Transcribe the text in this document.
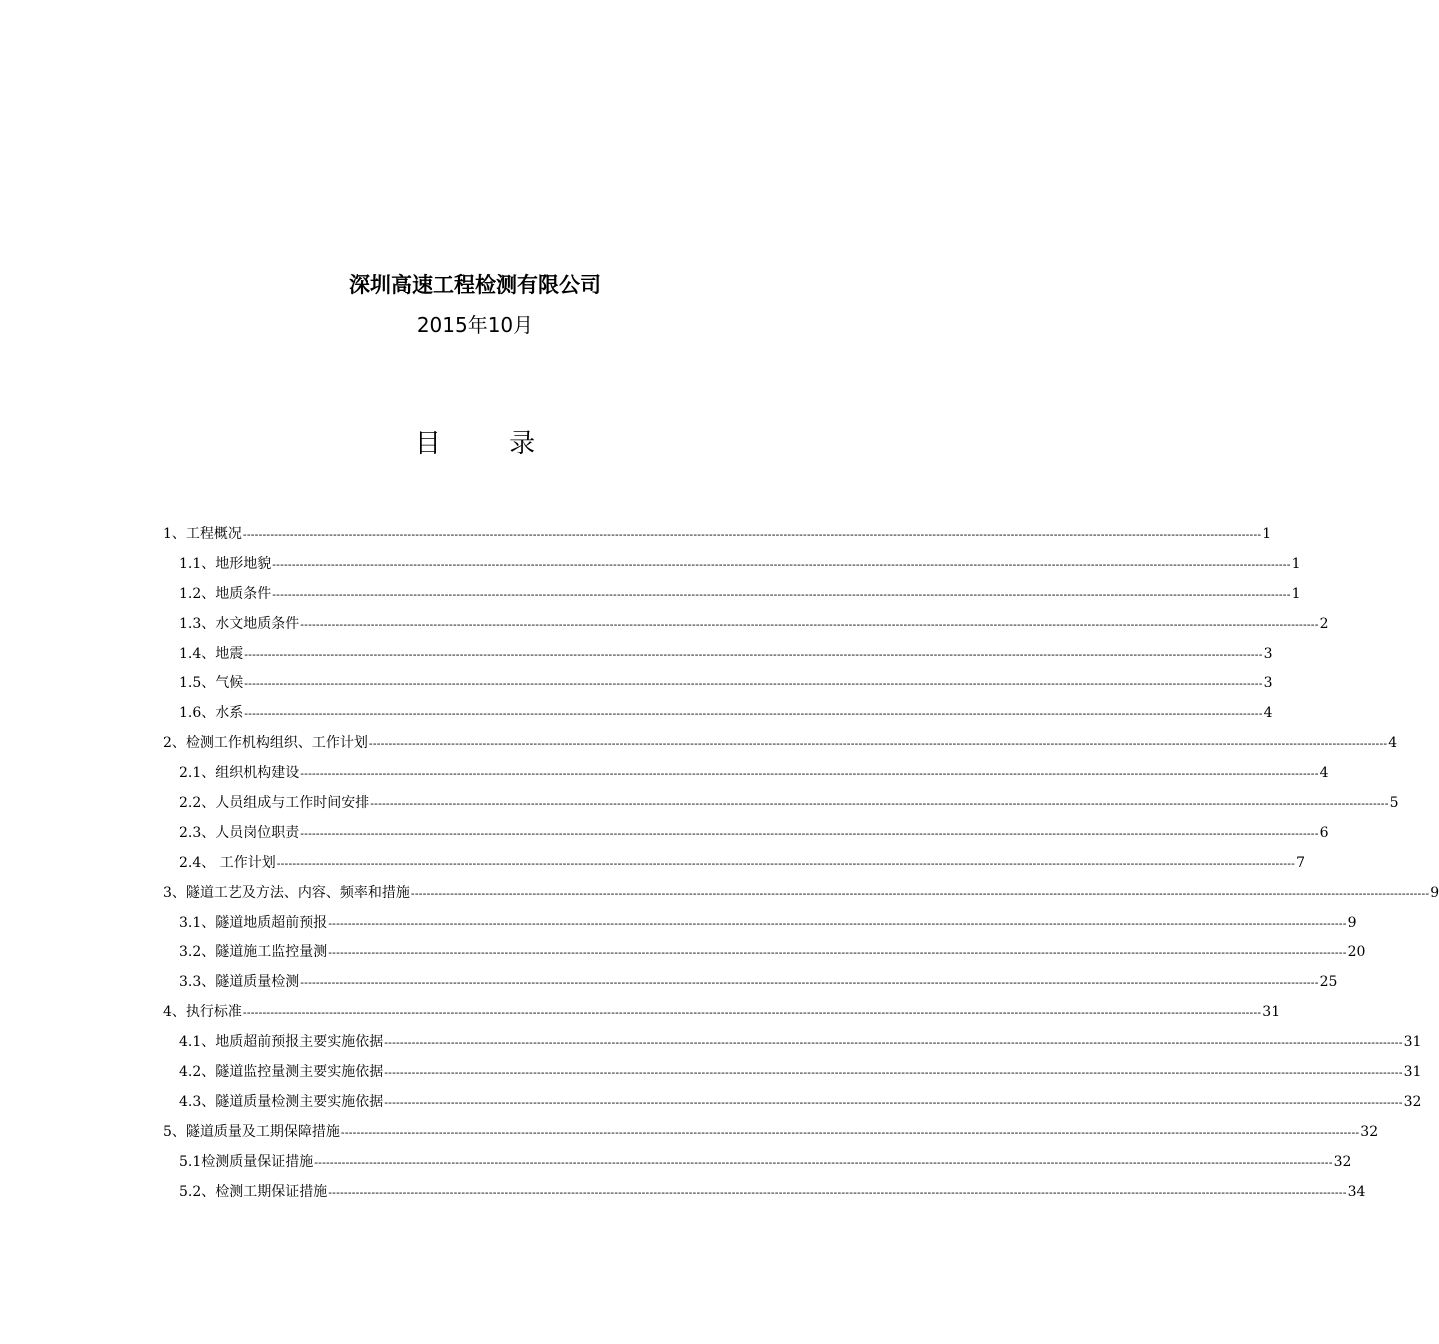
深圳高速工程检测有限公司
2015年10月
目 录
1、工程概况 -------------------------------------------------------------------------------------------------------------------------------------------------------------------------------------------------------------------------------------------------------------------- 1
1.1、地形地貌 -------------------------------------------------------------------------------------------------------------------------------------------------------------------------------------------------------------------------------------------------------------------- 1
1.2、地质条件 -------------------------------------------------------------------------------------------------------------------------------------------------------------------------------------------------------------------------------------------------------------------- 1
1.3、水文地质条件 -------------------------------------------------------------------------------------------------------------------------------------------------------------------------------------------------------------------------------------------------------------------- 2
1.4、地震 -------------------------------------------------------------------------------------------------------------------------------------------------------------------------------------------------------------------------------------------------------------------- 3
1.5、气候 -------------------------------------------------------------------------------------------------------------------------------------------------------------------------------------------------------------------------------------------------------------------- 3
1.6、水系 -------------------------------------------------------------------------------------------------------------------------------------------------------------------------------------------------------------------------------------------------------------------- 4
2、检测工作机构组织、工作计划 -------------------------------------------------------------------------------------------------------------------------------------------------------------------------------------------------------------------------------------------------------------------- 4
2.1、组织机构建设 -------------------------------------------------------------------------------------------------------------------------------------------------------------------------------------------------------------------------------------------------------------------- 4
2.2、人员组成与工作时间安排 -------------------------------------------------------------------------------------------------------------------------------------------------------------------------------------------------------------------------------------------------------------------- 5
2.3、人员岗位职责 -------------------------------------------------------------------------------------------------------------------------------------------------------------------------------------------------------------------------------------------------------------------- 6
2.4、 工作计划 -------------------------------------------------------------------------------------------------------------------------------------------------------------------------------------------------------------------------------------------------------------------- 7
3、隧道工艺及方法、内容、频率和措施 -------------------------------------------------------------------------------------------------------------------------------------------------------------------------------------------------------------------------------------------------------------------- 9
3.1、隧道地质超前预报 -------------------------------------------------------------------------------------------------------------------------------------------------------------------------------------------------------------------------------------------------------------------- 9
3.2、隧道施工监控量测 -------------------------------------------------------------------------------------------------------------------------------------------------------------------------------------------------------------------------------------------------------------------- 20
3.3、隧道质量检测 -------------------------------------------------------------------------------------------------------------------------------------------------------------------------------------------------------------------------------------------------------------------- 25
4、执行标准 -------------------------------------------------------------------------------------------------------------------------------------------------------------------------------------------------------------------------------------------------------------------- 31
4.1、地质超前预报主要实施依据 -------------------------------------------------------------------------------------------------------------------------------------------------------------------------------------------------------------------------------------------------------------------- 31
4.2、隧道监控量测主要实施依据 -------------------------------------------------------------------------------------------------------------------------------------------------------------------------------------------------------------------------------------------------------------------- 31
4.3、隧道质量检测主要实施依据 -------------------------------------------------------------------------------------------------------------------------------------------------------------------------------------------------------------------------------------------------------------------- 32
5、隧道质量及工期保障措施 -------------------------------------------------------------------------------------------------------------------------------------------------------------------------------------------------------------------------------------------------------------------- 32
5.1检测质量保证措施 -------------------------------------------------------------------------------------------------------------------------------------------------------------------------------------------------------------------------------------------------------------------- 32
5.2、检测工期保证措施 -------------------------------------------------------------------------------------------------------------------------------------------------------------------------------------------------------------------------------------------------------------------- 34
